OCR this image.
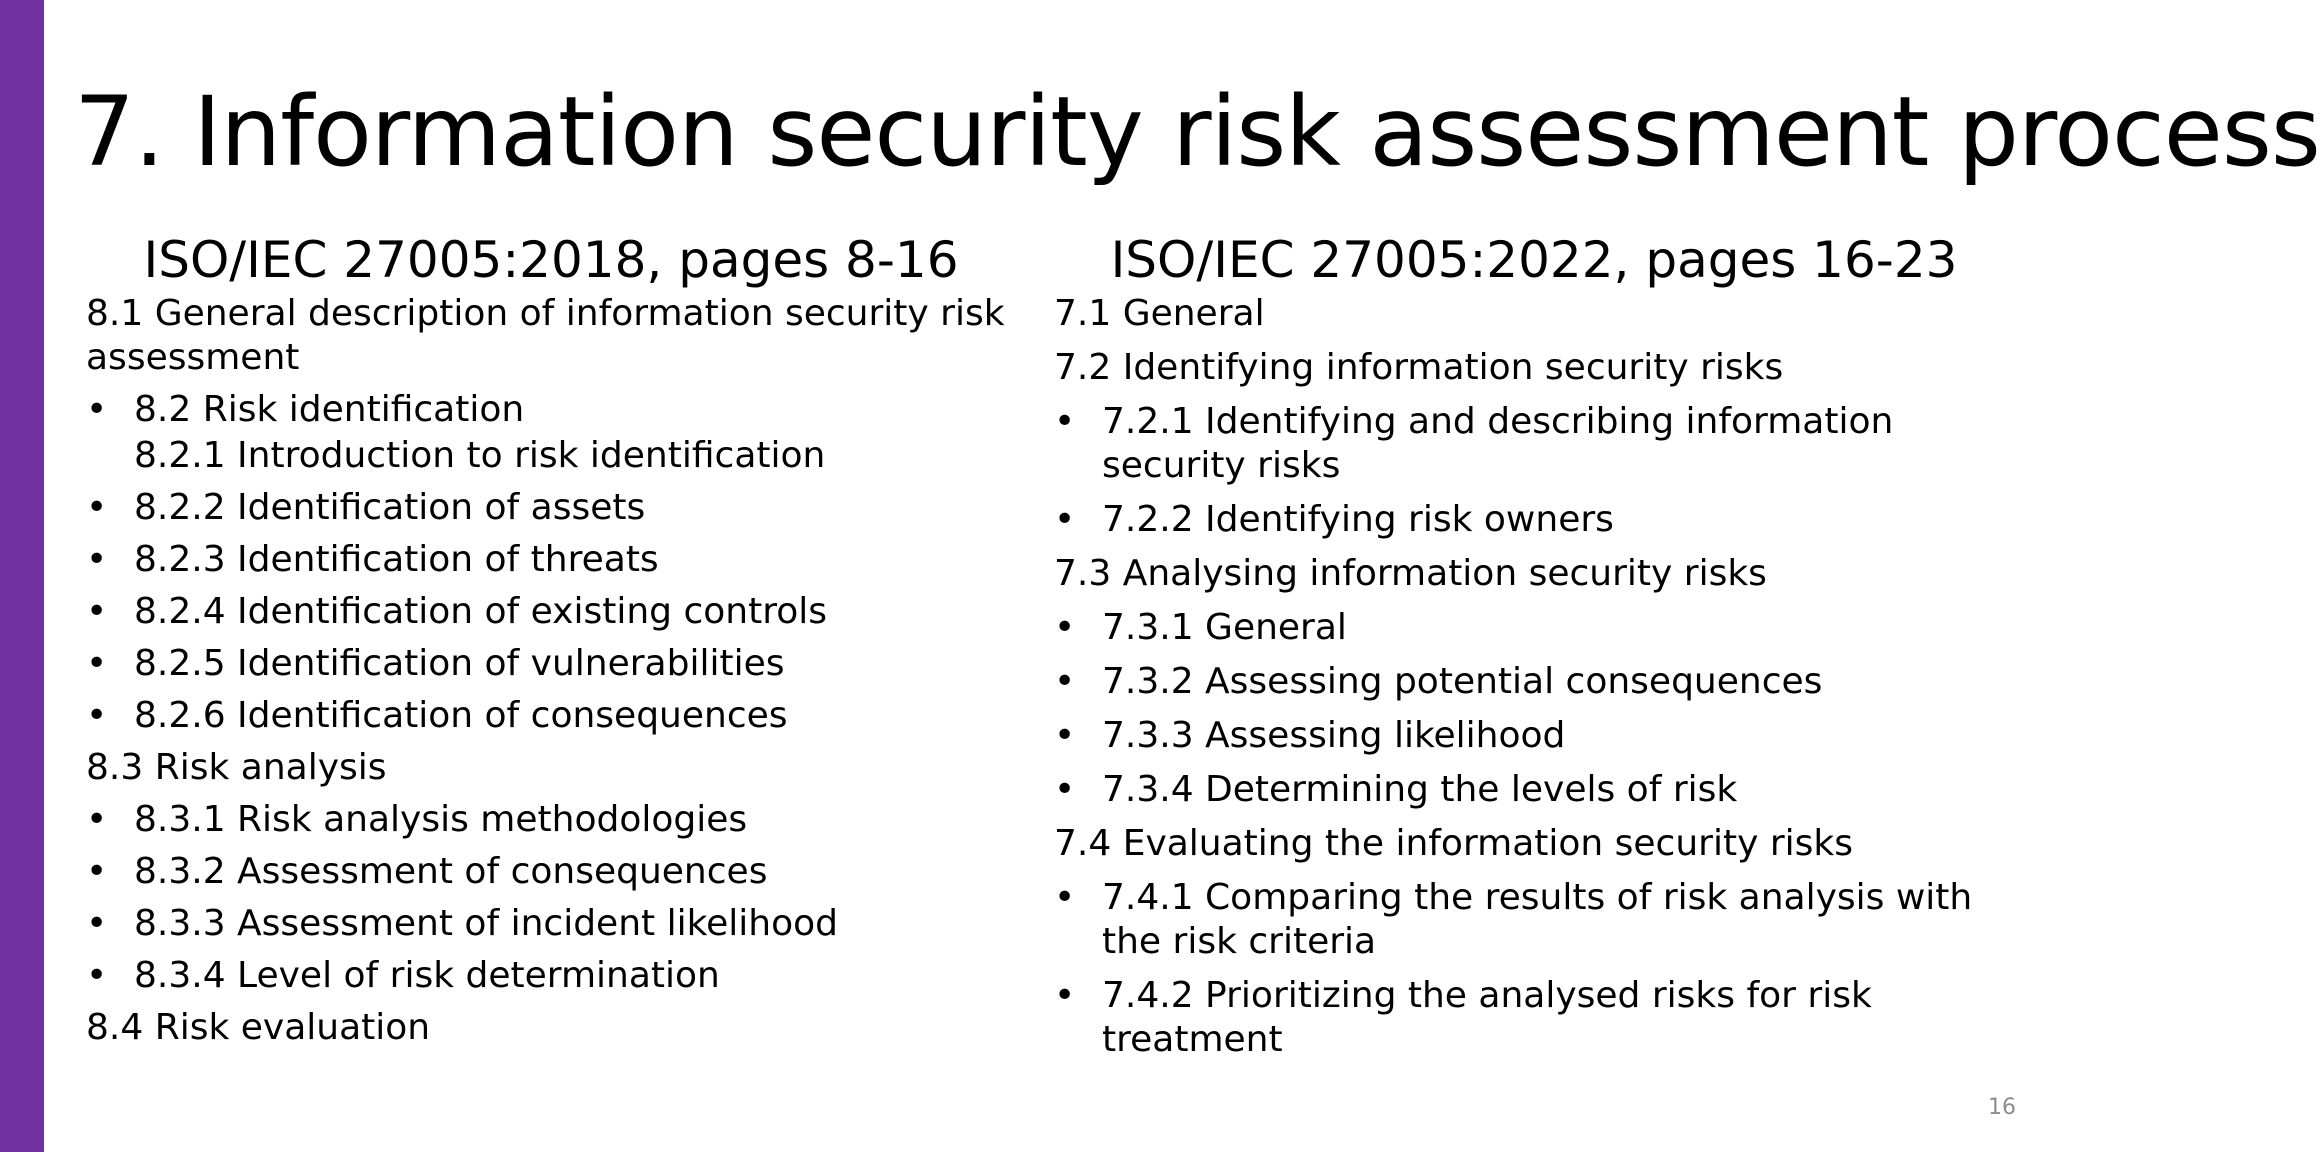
7. Information security risk assessment process
ISO/IEC 27005:2018, pages 8-16
8.1 General description of information security risk assessment
• 8.2 Risk identification
8.2.1 Introduction to risk identification
• 8.2.2 Identification of assets
• 8.2.3 Identification of threats
• 8.2.4 Identification of existing controls
• 8.2.5 Identification of vulnerabilities
• 8.2.6 Identification of consequences
8.3 Risk analysis
• 8.3.1 Risk analysis methodologies
• 8.3.2 Assessment of consequences
• 8.3.3 Assessment of incident likelihood
• 8.3.4 Level of risk determination
8.4 Risk evaluation
ISO/IEC 27005:2022, pages 16-23
7.1 General
7.2 Identifying information security risks
• 7.2.1 Identifying and describing information security risks
• 7.2.2 Identifying risk owners
7.3 Analysing information security risks
• 7.3.1 General
• 7.3.2 Assessing potential consequences
• 7.3.3 Assessing likelihood
• 7.3.4 Determining the levels of risk
7.4 Evaluating the information security risks
• 7.4.1 Comparing the results of risk analysis with the risk criteria
• 7.4.2 Prioritizing the analysed risks for risk treatment
16
